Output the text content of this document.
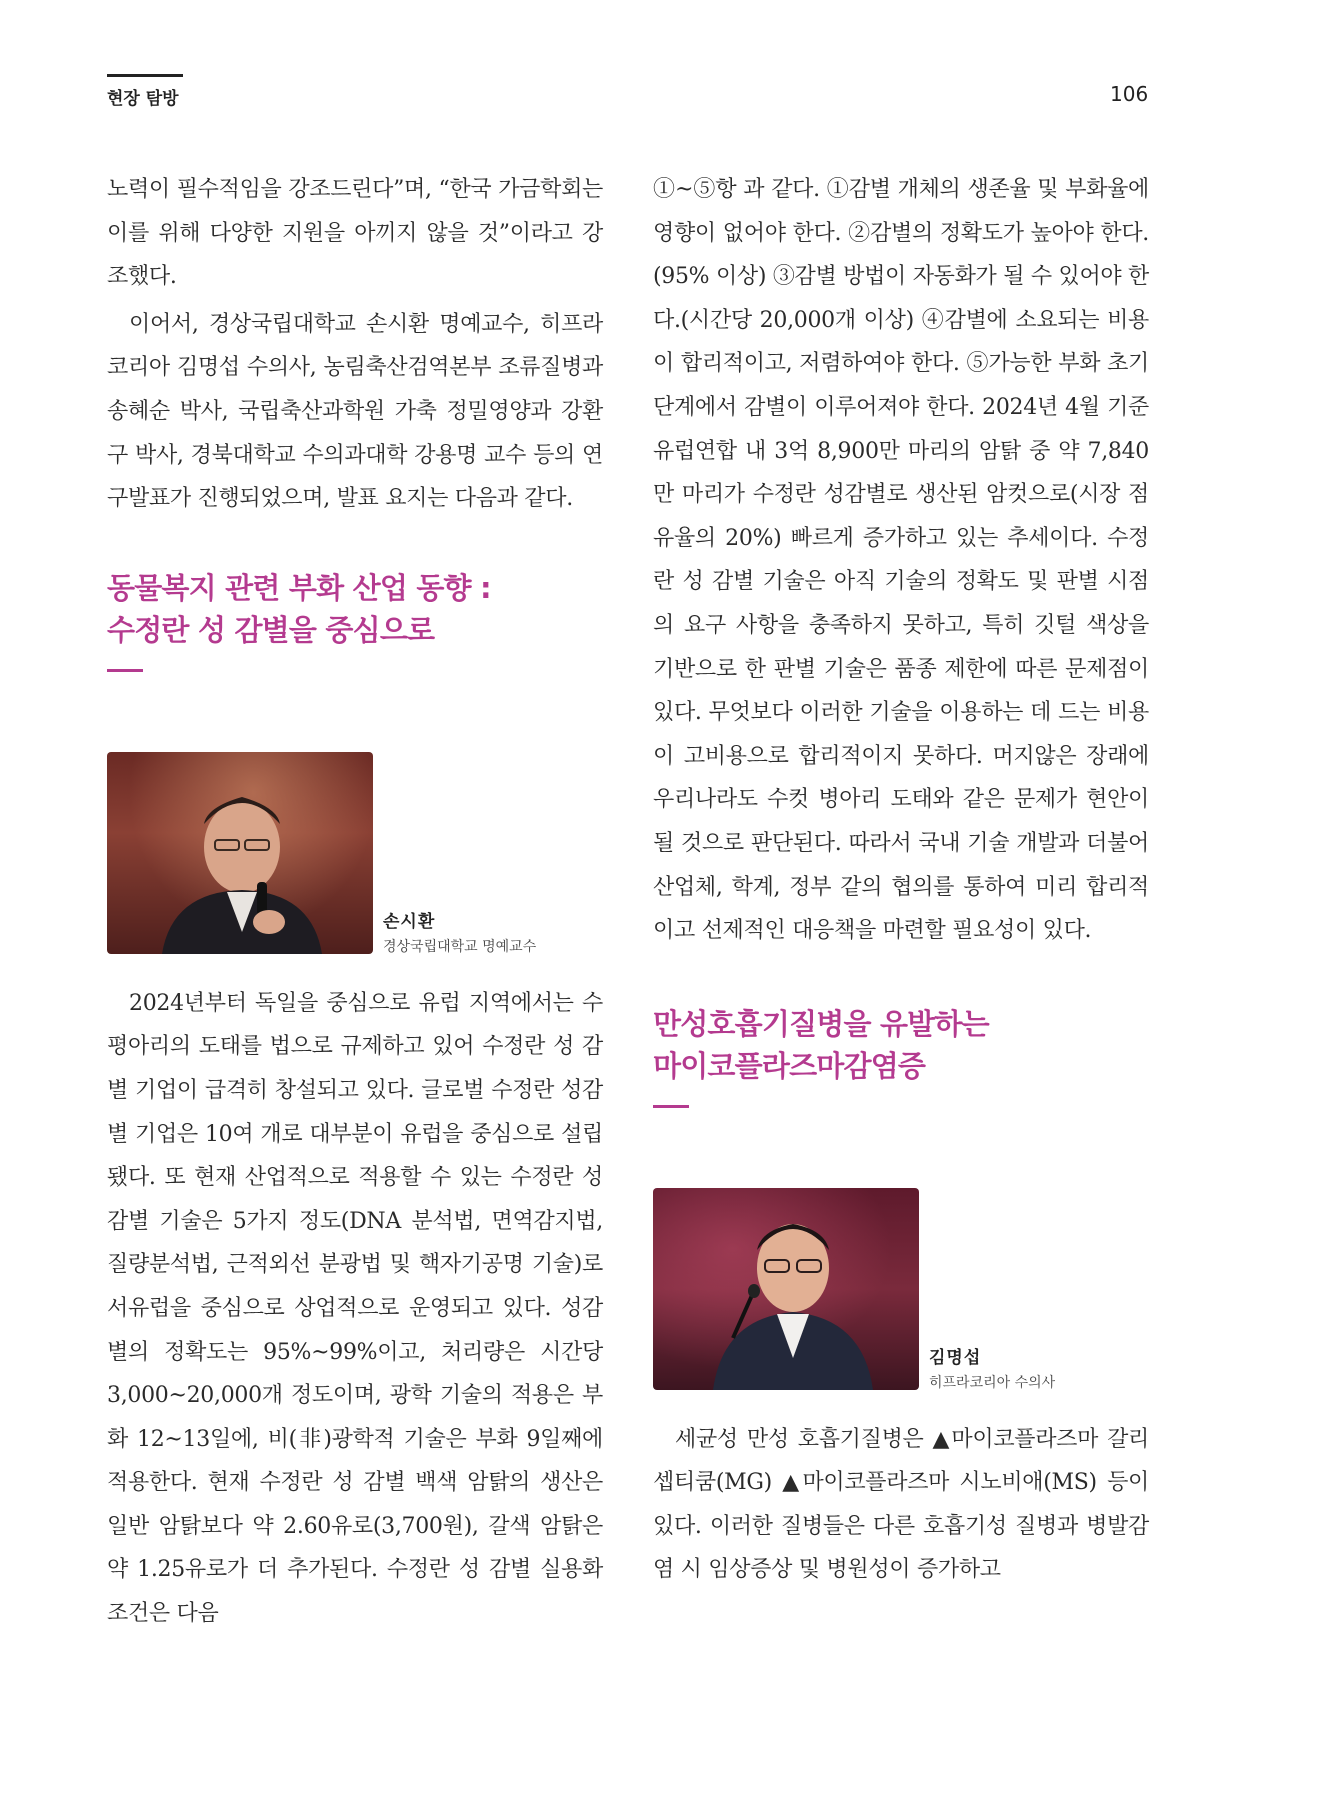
현장 탐방	106

노력이 필수적임을 강조드린다”며, “한국 가금학회는 이를 위해 다양한 지원을 아끼지 않을 것”이라고 강조했다.

이어서, 경상국립대학교 손시환 명예교수, 히프라코리아 김명섭 수의사, 농림축산검역본부 조류질병과 송혜순 박사, 국립축산과학원 가축 정밀영양과 강환구 박사, 경북대학교 수의과대학 강용명 교수 등의 연구발표가 진행되었으며, 발표 요지는 다음과 같다.

동물복지 관련 부화 산업 동향 :
수정란 성 감별을 중심으로
손시환
경상국립대학교 명예교수

2024년부터 독일을 중심으로 유럽 지역에서는 수평아리의 도태를 법으로 규제하고 있어 수정란 성 감별 기업이 급격히 창설되고 있다. 글로벌 수정란 성감별 기업은 10여 개로 대부분이 유럽을 중심으로 설립됐다. 또 현재 산업적으로 적용할 수 있는 수정란 성감별 기술은 5가지 정도(DNA 분석법, 면역감지법, 질량분석법, 근적외선 분광법 및 핵자기공명 기술)로 서유럽을 중심으로 상업적으로 운영되고 있다. 성감별의 정확도는 95%~99%이고, 처리량은 시간당 3,000~20,000개 정도이며, 광학 기술의 적용은 부화 12~13일에, 비(非)광학적 기술은 부화 9일째에 적용한다. 현재 수정란 성 감별 백색 암탉의 생산은 일반 암탉보다 약 2.60유로(3,700원), 갈색 암탉은 약 1.25유로가 더 추가된다. 수정란 성 감별 실용화 조건은 다음

①~⑤항 과 같다. ①감별 개체의 생존율 및 부화율에 영향이 없어야 한다. ②감별의 정확도가 높아야 한다.(95% 이상) ③감별 방법이 자동화가 될 수 있어야 한다.(시간당 20,000개 이상) ④감별에 소요되는 비용이 합리적이고, 저렴하여야 한다. ⑤가능한 부화 초기 단계에서 감별이 이루어져야 한다. 2024년 4월 기준 유럽연합 내 3억 8,900만 마리의 암탉 중 약 7,840만 마리가 수정란 성감별로 생산된 암컷으로(시장 점유율의 20%) 빠르게 증가하고 있는 추세이다. 수정란 성 감별 기술은 아직 기술의 정확도 및 판별 시점의 요구 사항을 충족하지 못하고, 특히 깃털 색상을 기반으로 한 판별 기술은 품종 제한에 따른 문제점이 있다. 무엇보다 이러한 기술을 이용하는 데 드는 비용이 고비용으로 합리적이지 못하다. 머지않은 장래에 우리나라도 수컷 병아리 도태와 같은 문제가 현안이 될 것으로 판단된다. 따라서 국내 기술 개발과 더불어 산업체, 학계, 정부 같의 협의를 통하여 미리 합리적이고 선제적인 대응책을 마련할 필요성이 있다.

만성호흡기질병을 유발하는
마이코플라즈마감염증
김명섭
히프라코리아 수의사

세균성 만성 호흡기질병은 ▲마이코플라즈마 갈리셉티쿰(MG) ▲마이코플라즈마 시노비애(MS) 등이 있다. 이러한 질병들은 다른 호흡기성 질병과 병발감염 시 임상증상 및 병원성이 증가하고
